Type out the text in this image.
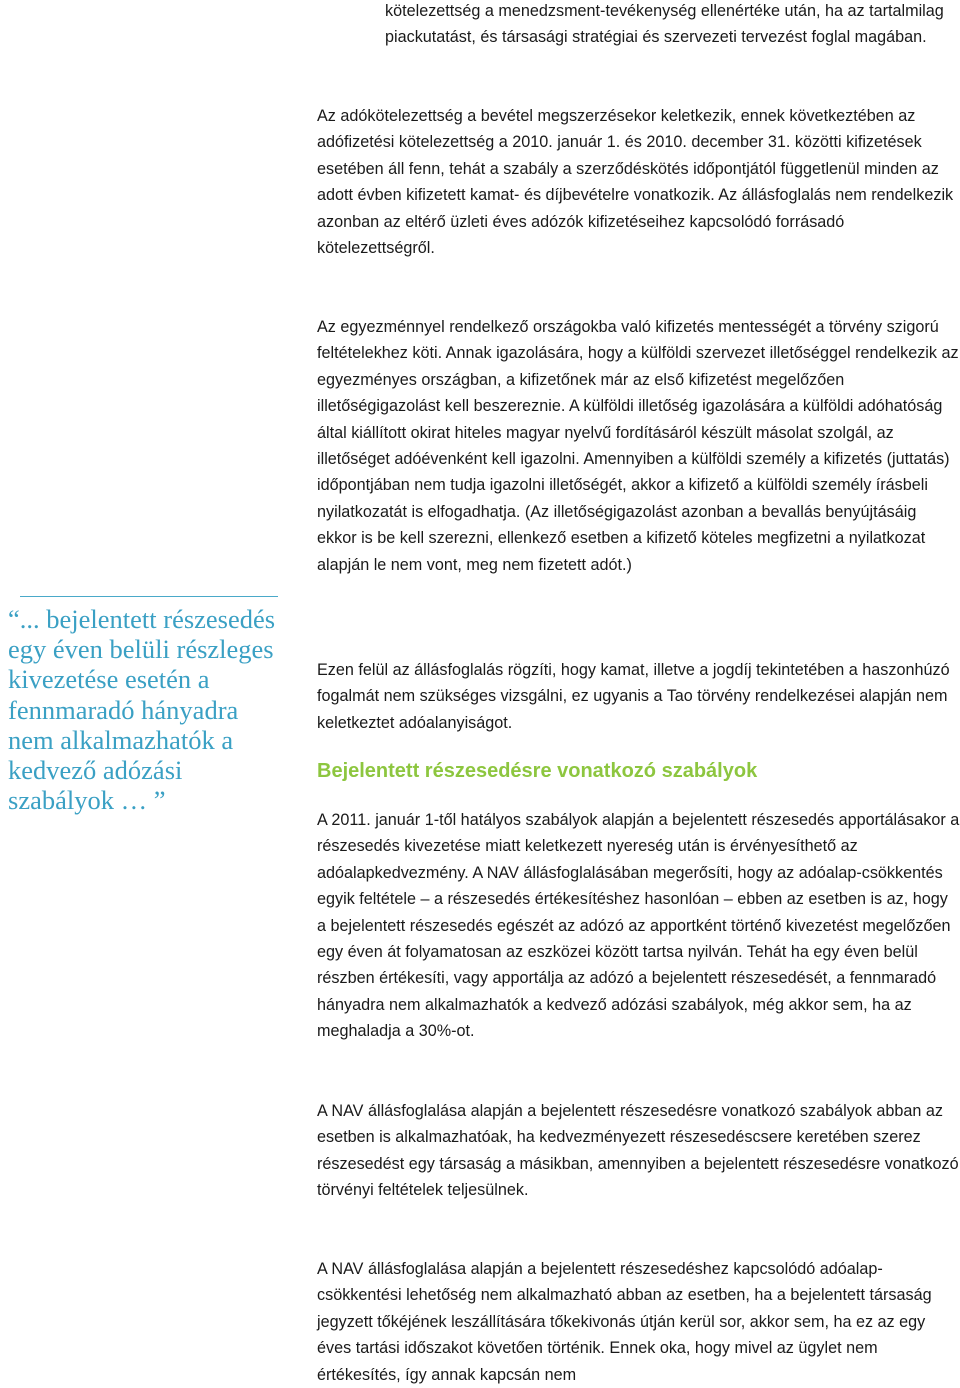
kötelezettség a menedzsment-tevékenység ellenértéke után, ha az tartalmilag piackutatást, és társasági stratégiai és szervezeti tervezést foglal magában.

Az adókötelezettség a bevétel megszerzésekor keletkezik, ennek következtében az adófizetési kötelezettség a 2010. január 1. és 2010. december 31. közötti kifizetések esetében áll fenn, tehát a szabály a szerződéskötés időpontjától függetlenül minden az adott évben kifizetett kamat- és díjbevételre vonatkozik. Az állásfoglalás nem rendelkezik azonban az eltérő üzleti éves adózók kifizetéseihez kapcsolódó forrásadó kötelezettségről.

Az egyezménnyel rendelkező országokba való kifizetés mentességét a törvény szigorú feltételekhez köti. Annak igazolására, hogy a külföldi szervezet illetőséggel rendelkezik az egyezményes országban, a kifizetőnek már az első kifizetést megelőzően illetőségigazolást kell beszereznie. A külföldi illetőség igazolására a külföldi adóhatóság által kiállított okirat hiteles magyar nyelvű fordításáról készült másolat szolgál, az illetőséget adóévenként kell igazolni. Amennyiben a külföldi személy a kifizetés (juttatás) időpontjában nem tudja igazolni illetőségét, akkor a kifizető a külföldi személy írásbeli nyilatkozatát is elfogadhatja. (Az illetőségigazolást azonban a bevallás benyújtásáig ekkor is be kell szerezni, ellenkező esetben a kifizető köteles megfizetni a nyilatkozat alapján le nem vont, meg nem fizetett adót.)

Ezen felül az állásfoglalás rögzíti, hogy kamat, illetve a jogdíj tekintetében a haszonhúzó fogalmát nem szükséges vizsgálni, ez ugyanis a Tao törvény rendelkezései alapján nem keletkeztet adóalanyiságot.

Bejelentett részesedésre vonatkozó szabályok

A 2011. január 1-től hatályos szabályok alapján a bejelentett részesedés apportálásakor a részesedés kivezetése miatt keletkezett nyereség után is érvényesíthető az adóalapkedvezmény. A NAV állásfoglalásában megerősíti, hogy az adóalap-csökkentés egyik feltétele – a részesedés értékesítéshez hasonlóan – ebben az esetben is az, hogy a bejelentett részesedés egészét az adózó az apportként történő kivezetést megelőzően egy éven át folyamatosan az eszközei között tartsa nyilván. Tehát ha egy éven belül részben értékesíti, vagy apportálja az adózó a bejelentett részesedését, a fennmaradó hányadra nem alkalmazhatók a kedvező adózási szabályok, még akkor sem, ha az meghaladja a 30%-ot.

A NAV állásfoglalása alapján a bejelentett részesedésre vonatkozó szabályok abban az esetben is alkalmazhatóak, ha kedvezményezett részesedéscsere keretében szerez részesedést egy társaság a másikban, amennyiben a bejelentett részesedésre vonatkozó törvényi feltételek teljesülnek.

A NAV állásfoglalása alapján a bejelentett részesedéshez kapcsolódó adóalap-csökkentési lehetőség nem alkalmazható abban az esetben, ha a bejelentett társaság jegyzett tőkéjének leszállítására tőkekivonás útján kerül sor, akkor sem, ha ez az egy éves tartási időszakot követően történik. Ennek oka, hogy mivel az ügylet nem értékesítés, így annak kapcsán nem

“... bejelentett részesedés egy éven belüli részleges kivezetése esetén a fennmaradó hányadra nem alkalmazhatók a kedvező adózási szabályok … ”
